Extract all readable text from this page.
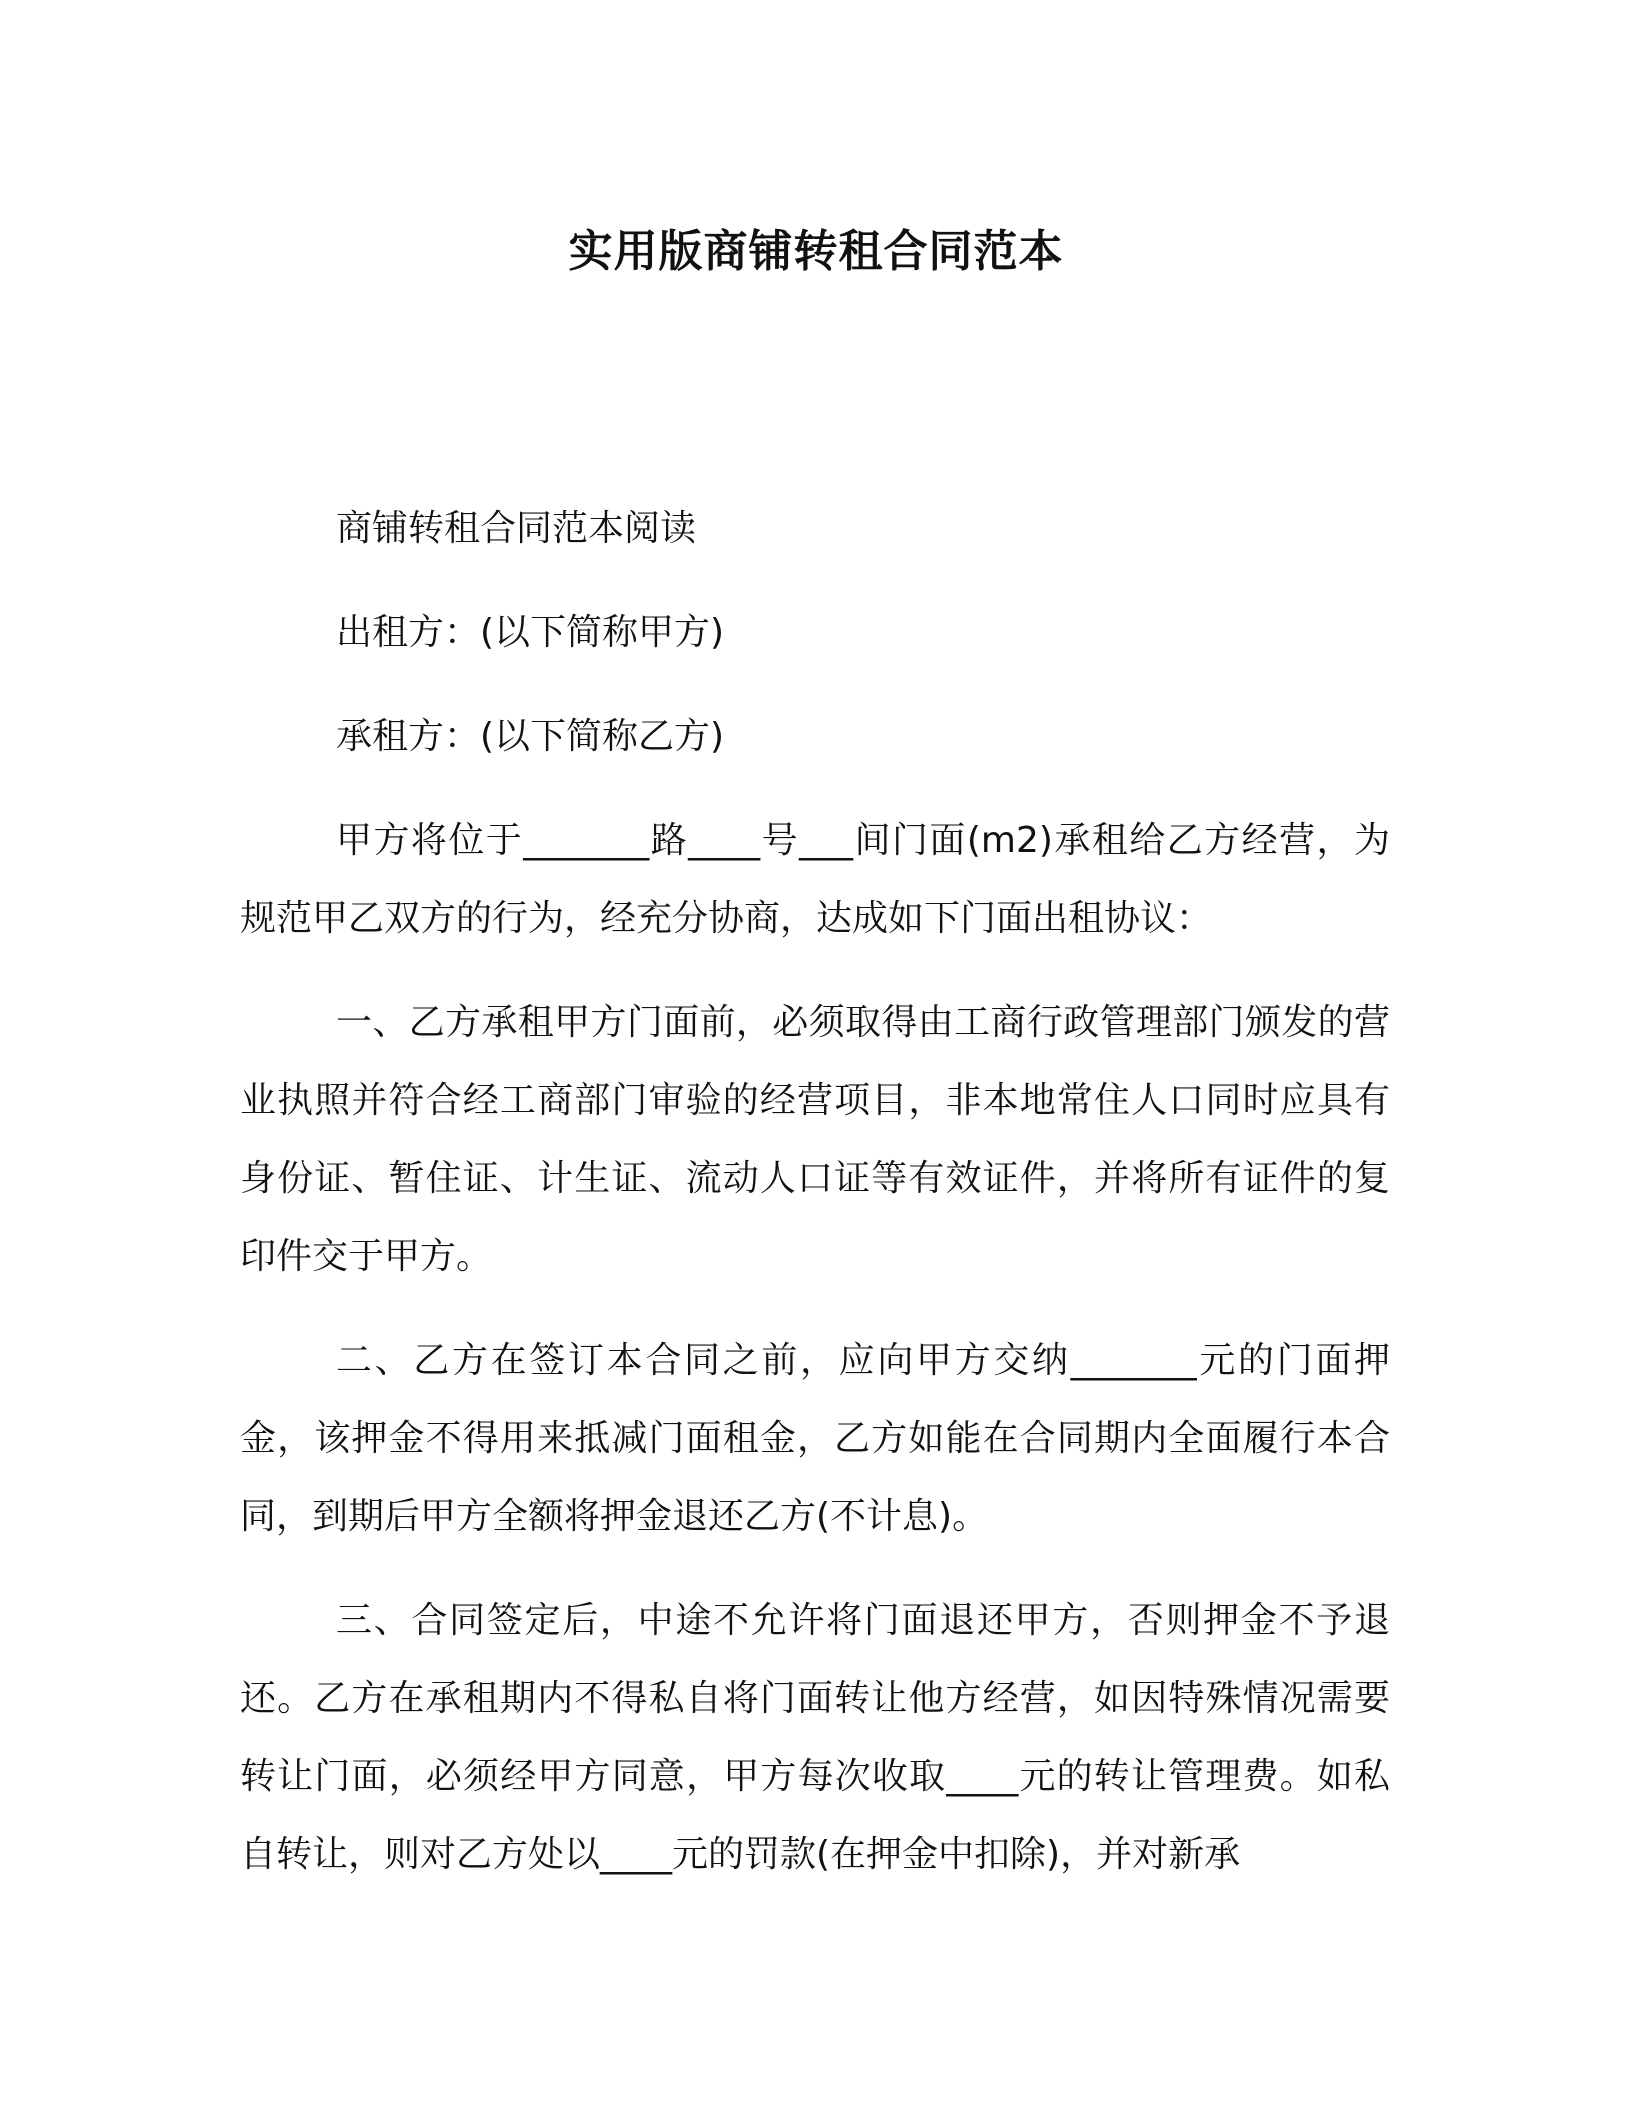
实用版商铺转租合同范本

商铺转租合同范本阅读

出租方：(以下简称甲方)

承租方：(以下简称乙方)

甲方将位于_______路____号___间门面(m2)承租给乙方经营，为规范甲乙双方的行为，经充分协商，达成如下门面出租协议：

一、乙方承租甲方门面前，必须取得由工商行政管理部门颁发的营业执照并符合经工商部门审验的经营项目，非本地常住人口同时应具有身份证、暂住证、计生证、流动人口证等有效证件，并将所有证件的复印件交于甲方。

二、乙方在签订本合同之前，应向甲方交纳_______元的门面押金，该押金不得用来抵减门面租金，乙方如能在合同期内全面履行本合同，到期后甲方全额将押金退还乙方(不计息)。

三、合同签定后，中途不允许将门面退还甲方，否则押金不予退还。乙方在承租期内不得私自将门面转让他方经营，如因特殊情况需要转让门面，必须经甲方同意，甲方每次收取____元的转让管理费。如私自转让，则对乙方处以____元的罚款(在押金中扣除)，并对新承
